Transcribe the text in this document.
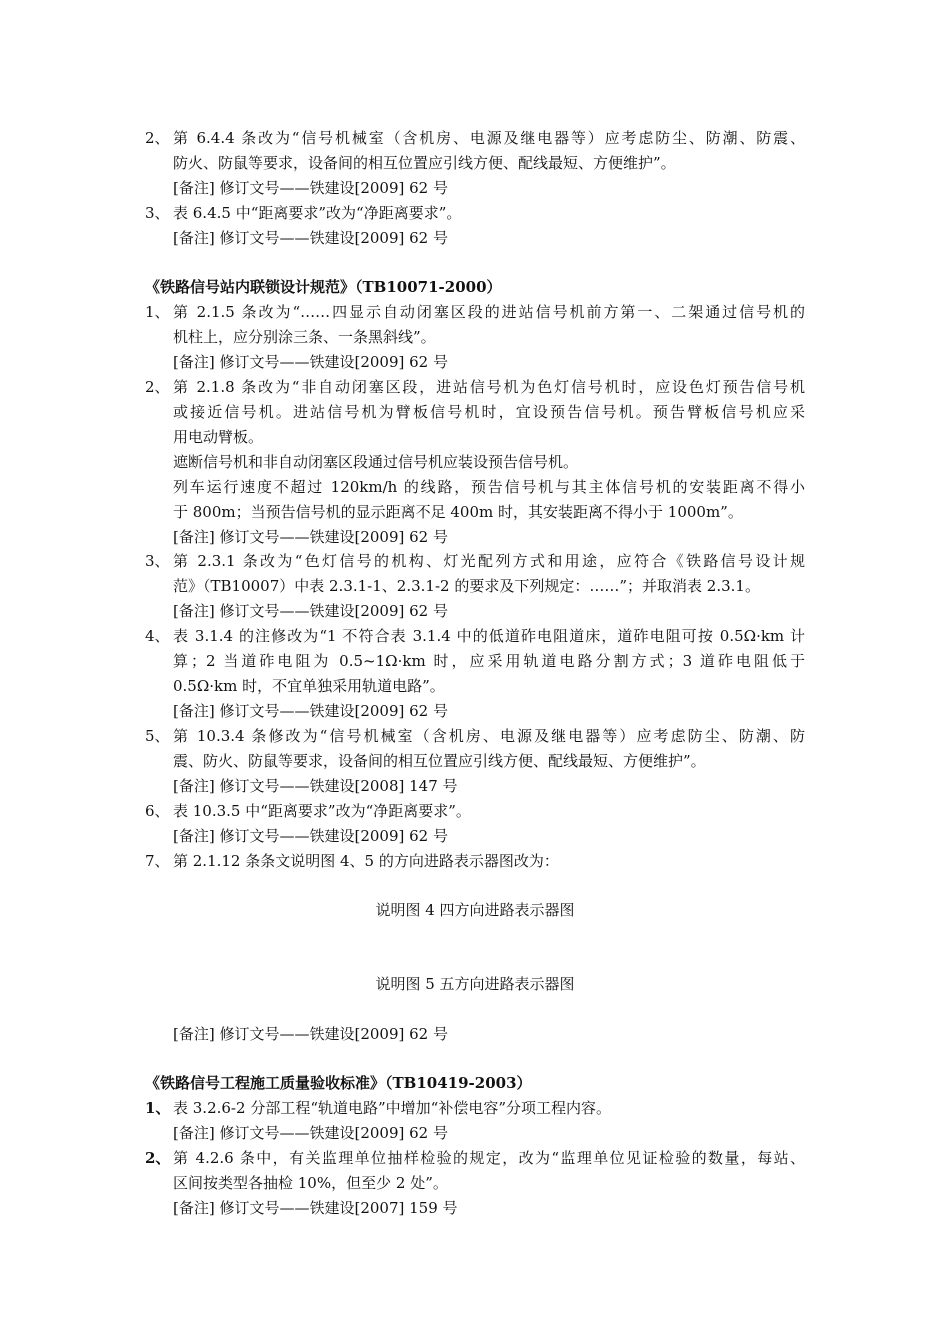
2、 第 6.4.4 条改为“信号机械室（含机房、电源及继电器等）应考虑防尘、防潮、防震、
防火、防鼠等要求，设备间的相互位置应引线方便、配线最短、方便维护”。
[备注] 修订文号——铁建设[2009] 62 号
3、 表 6.4.5 中“距离要求”改为“净距离要求”。
[备注] 修订文号——铁建设[2009] 62 号
《铁路信号站内联锁设计规范》（TB10071-2000）
1、 第 2.1.5 条改为“……四显示自动闭塞区段的进站信号机前方第一、二架通过信号机的
机柱上，应分别涂三条、一条黑斜线”。
[备注] 修订文号——铁建设[2009] 62 号
2、 第 2.1.8 条改为“非自动闭塞区段，进站信号机为色灯信号机时，应设色灯预告信号机
或接近信号机。进站信号机为臂板信号机时，宜设预告信号机。预告臂板信号机应采
用电动臂板。
遮断信号机和非自动闭塞区段通过信号机应装设预告信号机。
列车运行速度不超过 120km/h 的线路，预告信号机与其主体信号机的安装距离不得小
于 800m；当预告信号机的显示距离不足 400m 时，其安装距离不得小于 1000m”。
[备注] 修订文号——铁建设[2009] 62 号
3、 第 2.3.1 条改为“色灯信号的机构、灯光配列方式和用途，应符合《铁路信号设计规
范》（TB10007）中表 2.3.1-1、2.3.1-2 的要求及下列规定：……”；并取消表 2.3.1。
[备注] 修订文号——铁建设[2009] 62 号
4、 表 3.1.4 的注修改为“1 不符合表 3.1.4 中的低道砟电阻道床，道砟电阻可按 0.5Ω·km 计
算；2 当道砟电阻为 0.5~1Ω·km 时，应采用轨道电路分割方式；3 道砟电阻低于
0.5Ω·km 时，不宜单独采用轨道电路”。
[备注] 修订文号——铁建设[2009] 62 号
5、 第 10.3.4 条修改为“信号机械室（含机房、电源及继电器等）应考虑防尘、防潮、防
震、防火、防鼠等要求，设备间的相互位置应引线方便、配线最短、方便维护”。
[备注] 修订文号——铁建设[2008] 147 号
6、 表 10.3.5 中“距离要求”改为“净距离要求”。
[备注] 修订文号——铁建设[2009] 62 号
7、 第 2.1.12 条条文说明图 4、5 的方向进路表示器图改为：
说明图 4 四方向进路表示器图
说明图 5 五方向进路表示器图
[备注] 修订文号——铁建设[2009] 62 号
《铁路信号工程施工质量验收标准》（TB10419-2003）
1、 表 3.2.6-2 分部工程“轨道电路”中增加“补偿电容”分项工程内容。
[备注] 修订文号——铁建设[2009] 62 号
2、 第 4.2.6 条中，有关监理单位抽样检验的规定，改为“监理单位见证检验的数量，每站、
区间按类型各抽检 10%，但至少 2 处”。
[备注] 修订文号——铁建设[2007] 159 号
